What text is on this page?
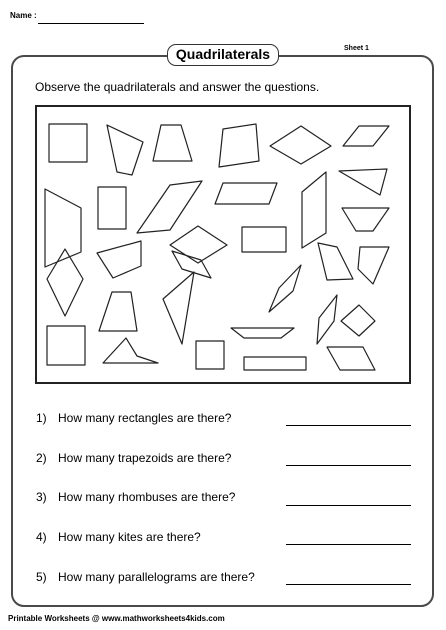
Name :
Sheet 1
Quadrilaterals
Observe the quadrilaterals and answer the questions.
1) How many rectangles are there?
2) How many trapezoids are there?
3) How many rhombuses are there?
4) How many kites are there?
5) How many parallelograms are there?
Printable Worksheets @ www.mathworksheets4kids.com
